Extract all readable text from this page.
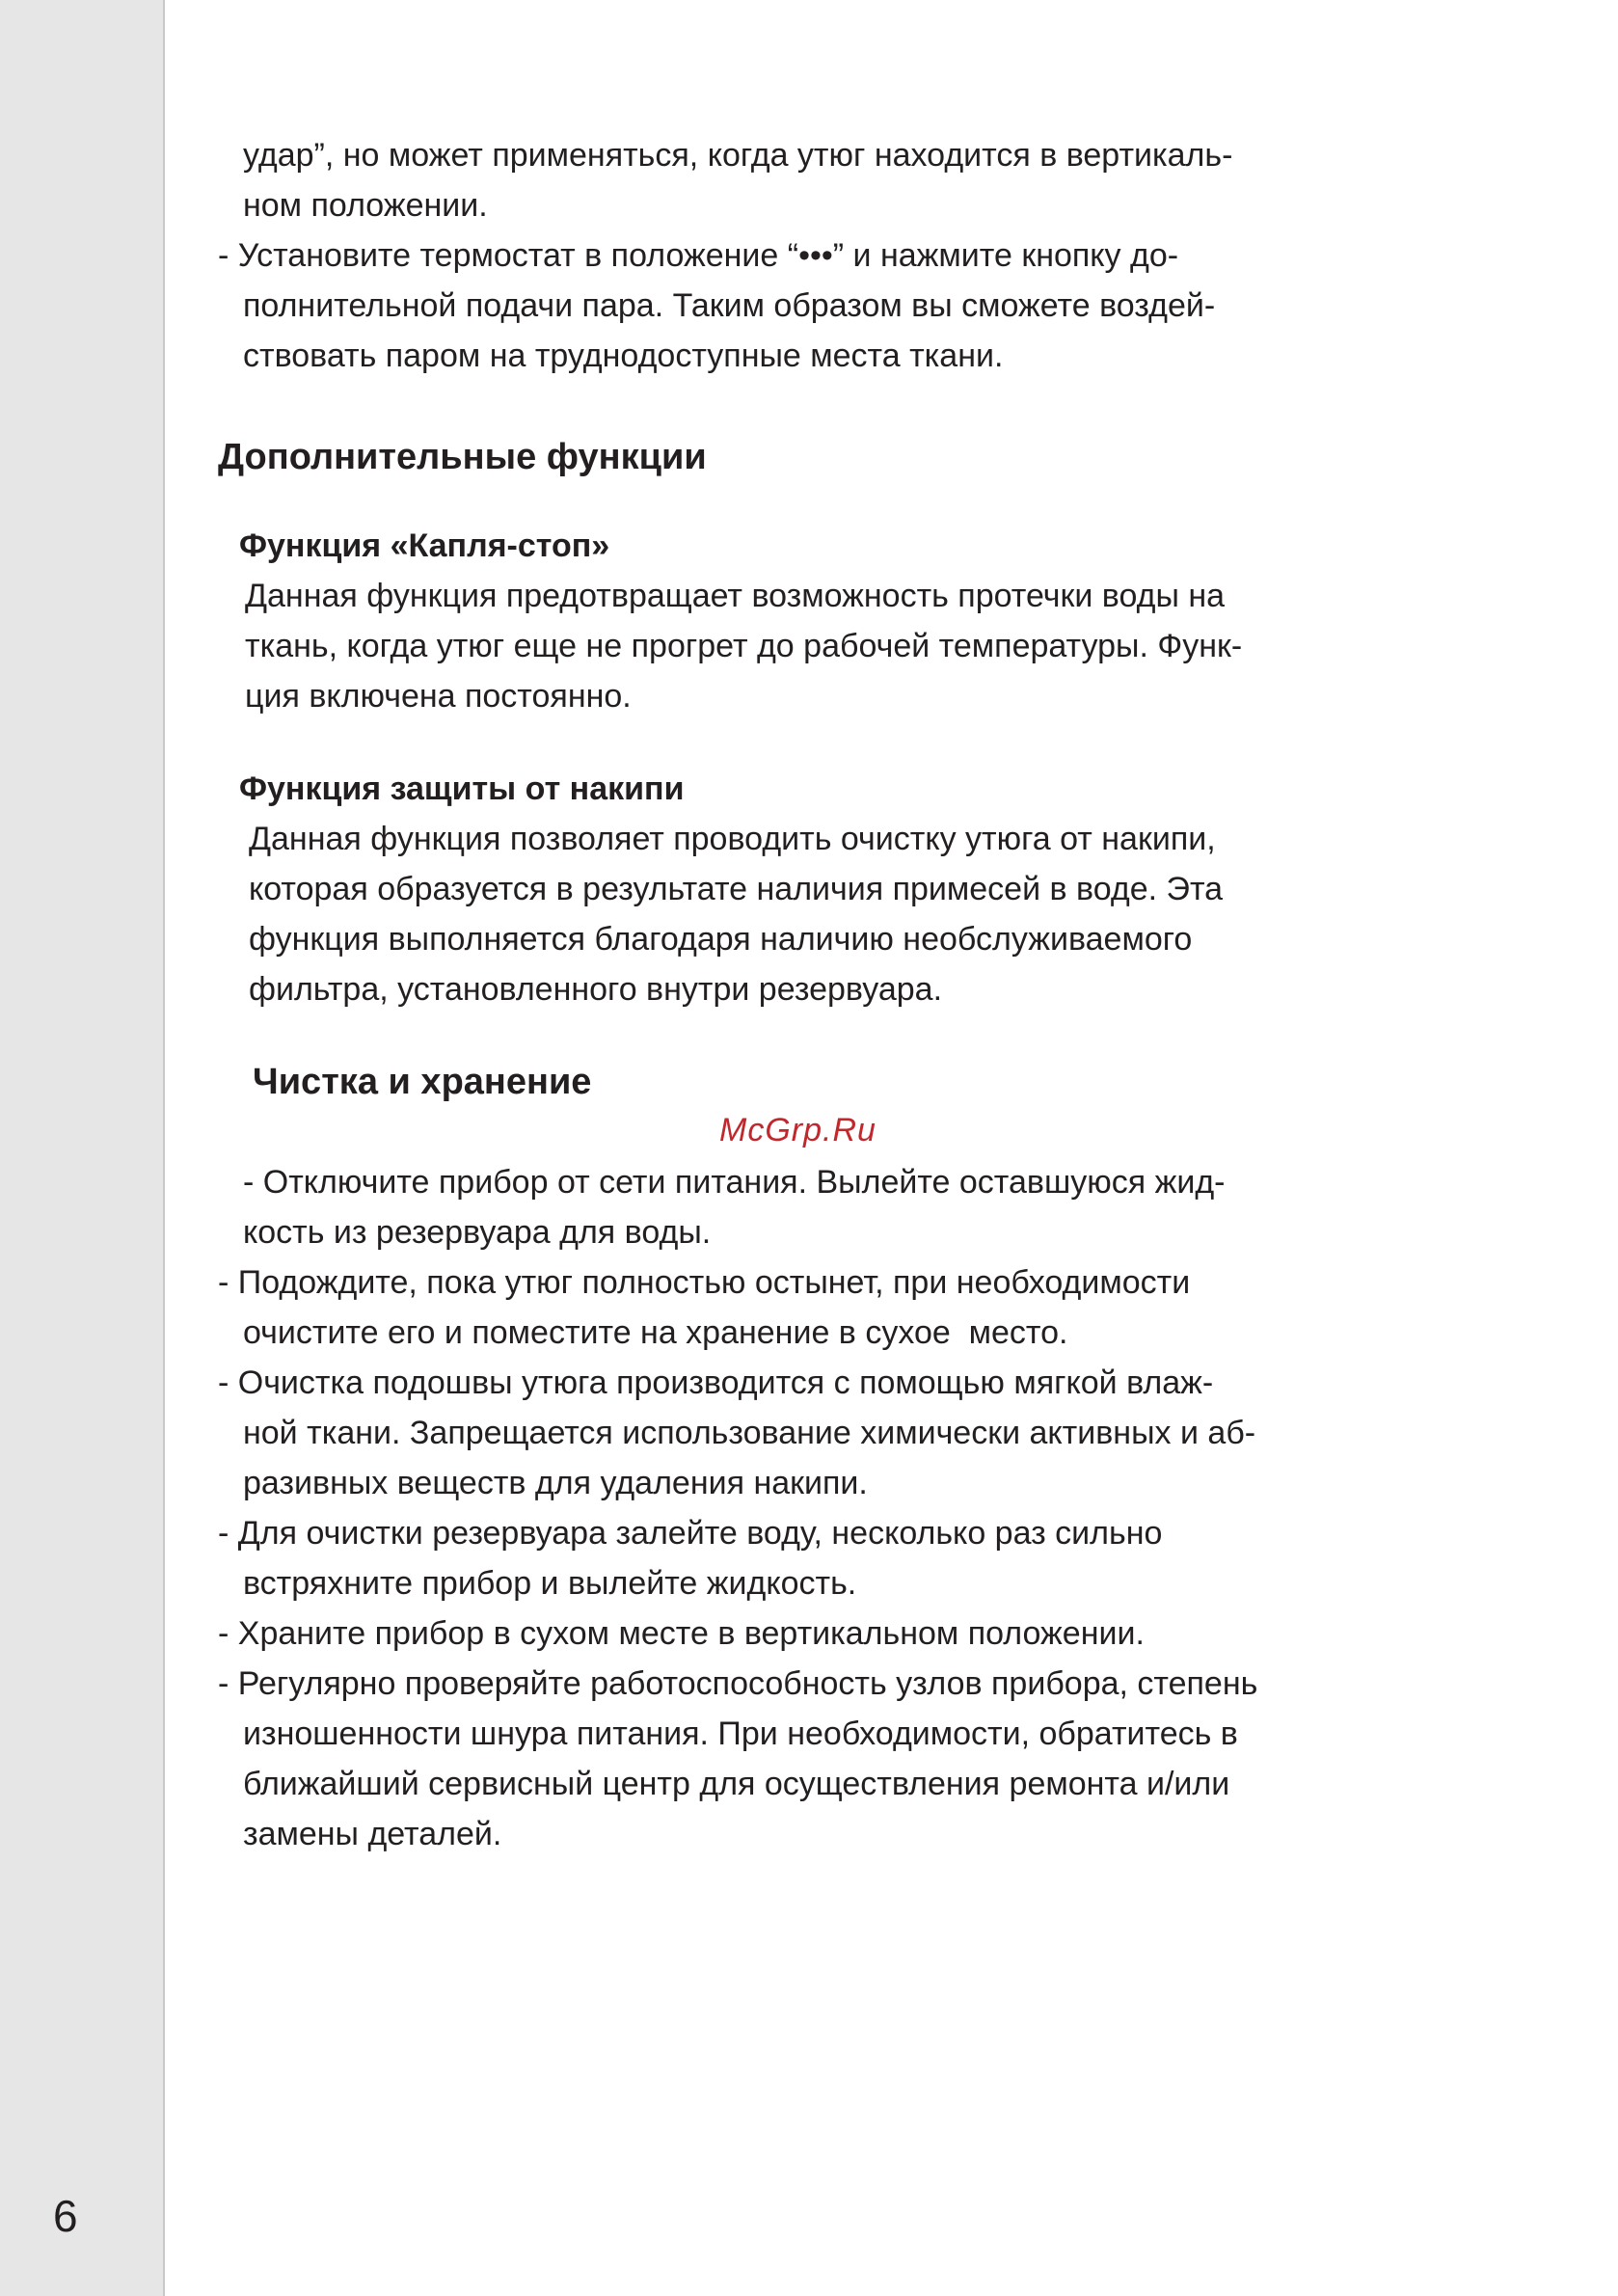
6
удар”, но может применяться, когда утюг находится в вертикаль-
ном положении.
- Установите термостат в положение “•••” и нажмите кнопку до-
полнительной подачи пара. Таким образом вы сможете воздей-
ствовать паром на труднодоступные места ткани.
Дополнительные функции
Функция «Капля-стоп»
Данная функция предотвращает возможность протечки воды на
ткань, когда утюг еще не прогрет до рабочей температуры. Функ-
ция включена постоянно.
Функция защиты от накипи
Данная функция позволяет проводить очистку утюга от накипи,
которая образуется в результате наличия примесей в воде. Эта
функция выполняется благодаря наличию необслуживаемого
фильтра, установленного внутри резервуара.
Чистка и хранение
McGrp.Ru
- Отключите прибор от сети питания. Вылейте оставшуюся жид-
кость из резервуара для воды.
- Подождите, пока утюг полностью остынет, при необходимости
очистите его и поместите на хранение в сухое  место.
- Очистка подошвы утюга производится с помощью мягкой влаж-
ной ткани. Запрещается использование химически активных и аб-
разивных веществ для удаления накипи.
- Для очистки резервуара залейте воду, несколько раз сильно
встряхните прибор и вылейте жидкость.
- Храните прибор в сухом месте в вертикальном положении.
- Регулярно проверяйте работоспособность узлов прибора, степень
изношенности шнура питания. При необходимости, обратитесь в
ближайший сервисный центр для осуществления ремонта и/или
замены деталей.
